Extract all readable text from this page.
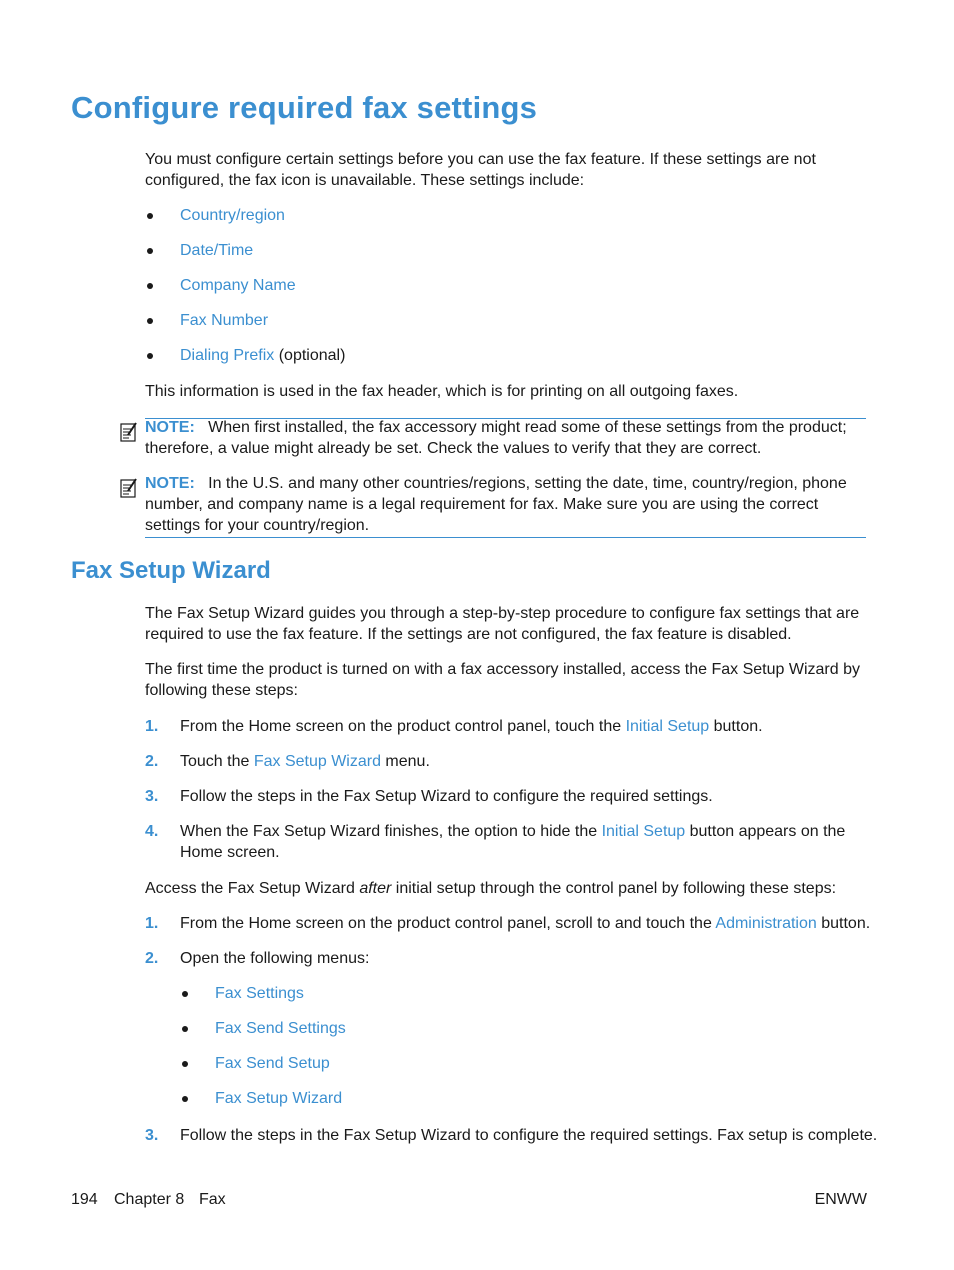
Configure required fax settings
You must configure certain settings before you can use the fax feature. If these settings are not configured, the fax icon is unavailable. These settings include:
Country/region
Date/Time
Company Name
Fax Number
Dialing Prefix (optional)
This information is used in the fax header, which is for printing on all outgoing faxes.
NOTE: When first installed, the fax accessory might read some of these settings from the product; therefore, a value might already be set. Check the values to verify that they are correct.
NOTE: In the U.S. and many other countries/regions, setting the date, time, country/region, phone number, and company name is a legal requirement for fax. Make sure you are using the correct settings for your country/region.
Fax Setup Wizard
The Fax Setup Wizard guides you through a step-by-step procedure to configure fax settings that are required to use the fax feature. If the settings are not configured, the fax feature is disabled.
The first time the product is turned on with a fax accessory installed, access the Fax Setup Wizard by following these steps:
1. From the Home screen on the product control panel, touch the Initial Setup button.
2. Touch the Fax Setup Wizard menu.
3. Follow the steps in the Fax Setup Wizard to configure the required settings.
4. When the Fax Setup Wizard finishes, the option to hide the Initial Setup button appears on the
Home screen.
Access the Fax Setup Wizard after initial setup through the control panel by following these steps:
1. From the Home screen on the product control panel, scroll to and touch the Administration button.
2. Open the following menus:
Fax Settings
Fax Send Settings
Fax Send Setup
Fax Setup Wizard
3. Follow the steps in the Fax Setup Wizard to configure the required settings. Fax setup is complete.
194 Chapter 8 Fax	ENWW
